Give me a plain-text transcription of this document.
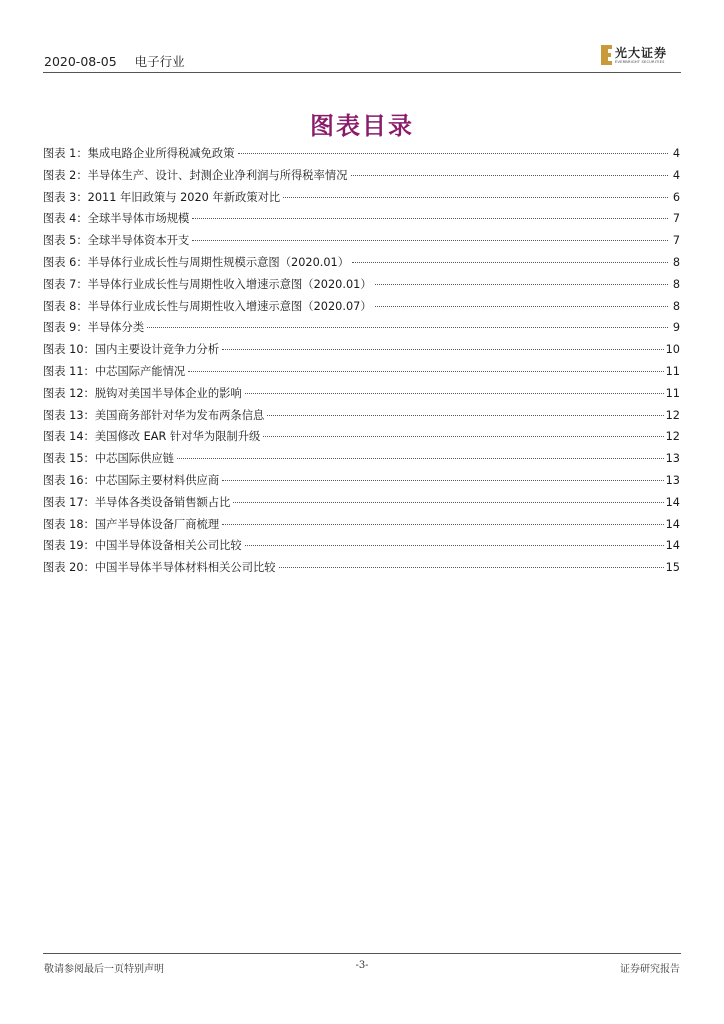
2020-08-05 电子行业
光大证券
EVERBRIGHT SECURITIES
图表目录
图表 1：集成电路企业所得税减免政策	4
图表 2：半导体生产、设计、封测企业净利润与所得税率情况	4
图表 3：2011 年旧政策与 2020 年新政策对比	6
图表 4：全球半导体市场规模	7
图表 5：全球半导体资本开支	7
图表 6：半导体行业成长性与周期性规模示意图（2020.01）	8
图表 7：半导体行业成长性与周期性收入增速示意图（2020.01）	8
图表 8：半导体行业成长性与周期性收入增速示意图（2020.07）	8
图表 9：半导体分类	9
图表 10：国内主要设计竞争力分析	10
图表 11：中芯国际产能情况	11
图表 12：脱钩对美国半导体企业的影响	11
图表 13：美国商务部针对华为发布两条信息	12
图表 14：美国修改 EAR 针对华为限制升级	12
图表 15：中芯国际供应链	13
图表 16：中芯国际主要材料供应商	13
图表 17：半导体各类设备销售额占比	14
图表 18：国产半导体设备厂商梳理	14
图表 19：中国半导体设备相关公司比较	14
图表 20：中国半导体半导体材料相关公司比较	15
敬请参阅最后一页特别声明	-3-	证券研究报告
